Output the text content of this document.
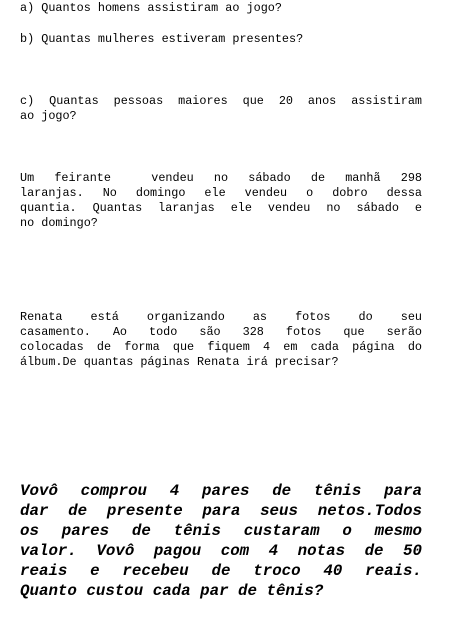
a) Quantos homens assistiram ao jogo?
b) Quantas mulheres estiveram presentes?
c) Quantas pessoas maiores que 20 anos assistiram
ao jogo?
Um feirante  vendeu no sábado de manhã 298
laranjas. No domingo ele vendeu o dobro dessa
quantia. Quantas laranjas ele vendeu no sábado e
no domingo?
Renata está organizando as fotos do seu
casamento. Ao todo são 328 fotos que serão
colocadas de forma que fiquem 4 em cada página do
álbum.De quantas páginas Renata irá precisar?
Vovô comprou 4 pares de tênis para
dar de presente para seus netos.Todos
os pares de tênis custaram o mesmo
valor. Vovô pagou com 4 notas de 50
reais e recebeu de troco 40 reais.
Quanto custou cada par de tênis?
